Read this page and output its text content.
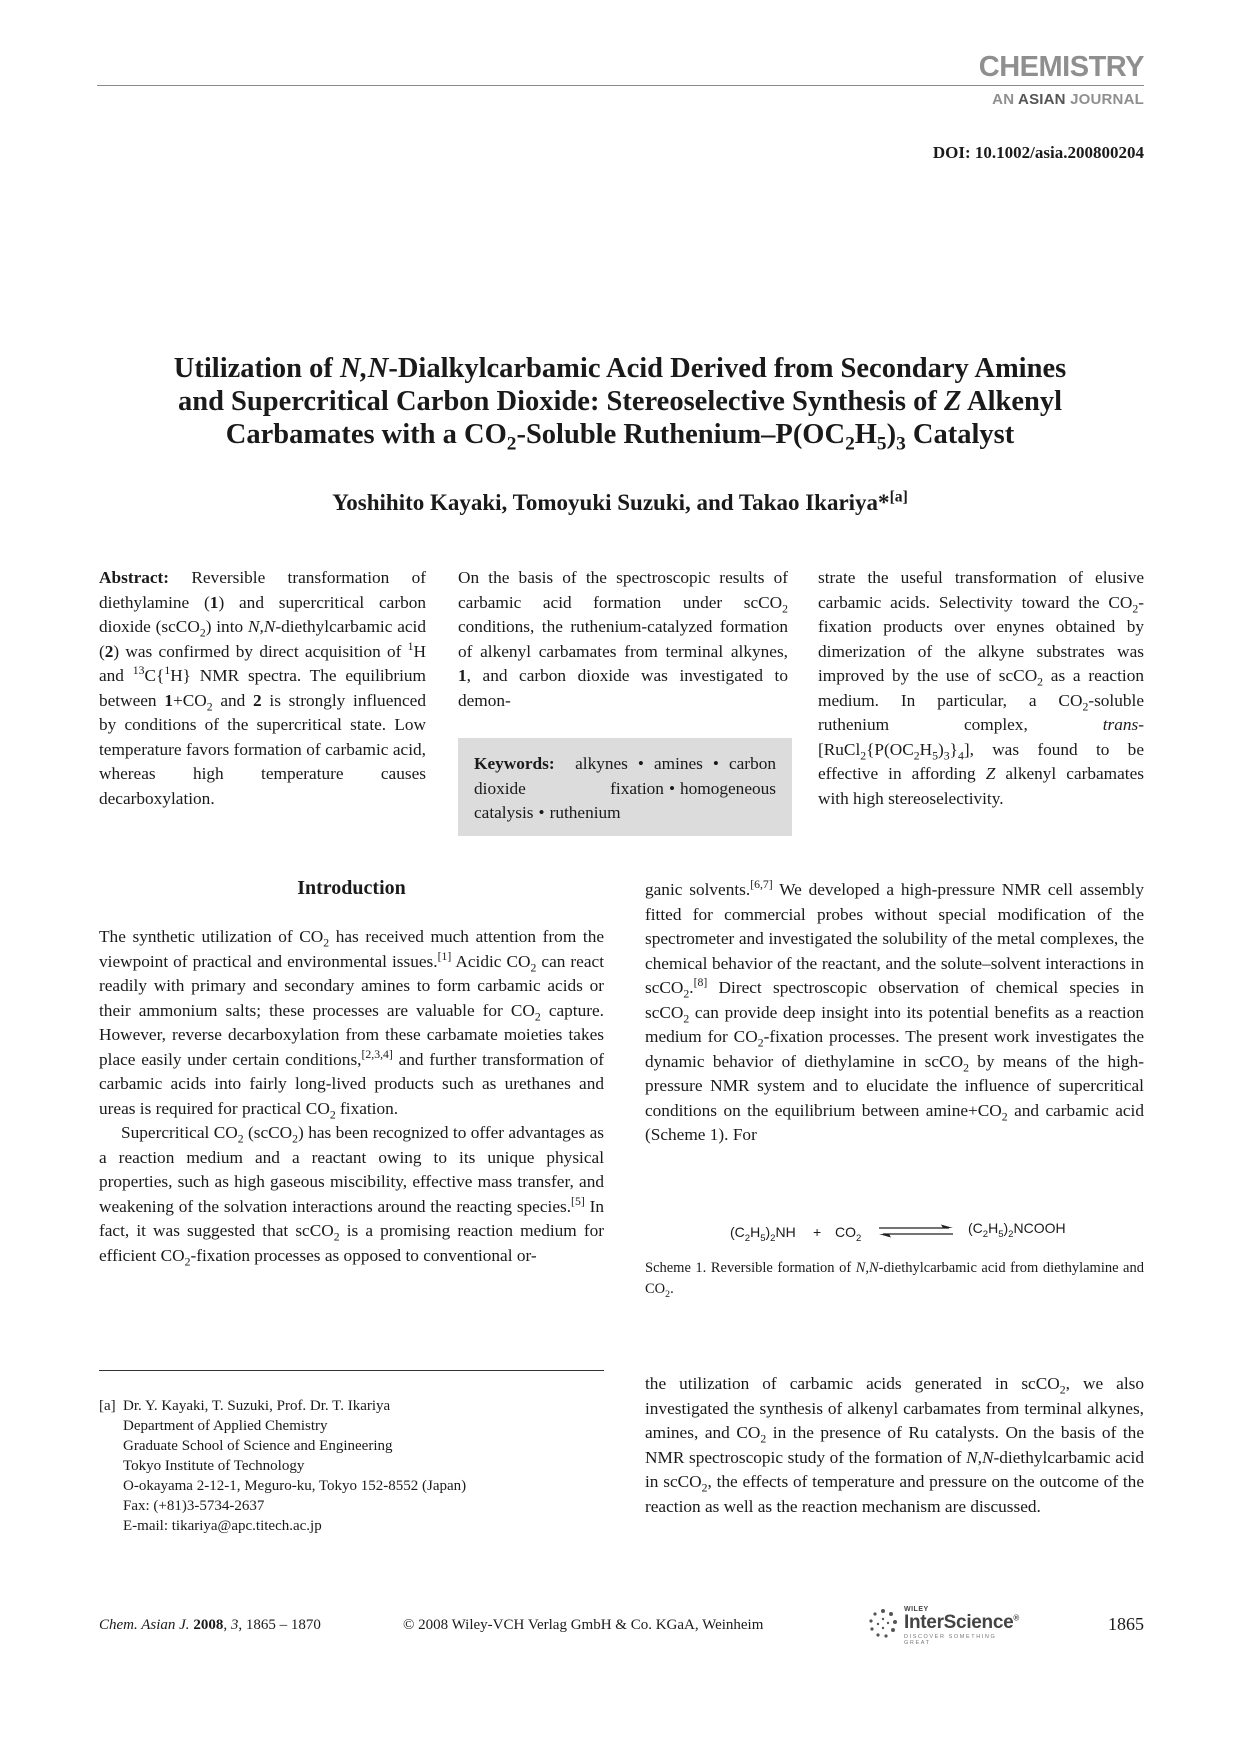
CHEMISTRY
AN ASIAN JOURNAL
DOI: 10.1002/asia.200800204
Utilization of N,N-Dialkylcarbamic Acid Derived from Secondary Amines
and Supercritical Carbon Dioxide: Stereoselective Synthesis of Z Alkenyl
Carbamates with a $CO_2$-Soluble Ruthenium–$P(OC_2H_5)_3$ Catalyst
Yoshihito Kayaki, Tomoyuki Suzuki, and Takao Ikariya*[a]
Abstract: Reversible transformation of diethylamine (1) and supercritical carbon dioxide (scCO$_2$) into N,N-diethylcarbamic acid (2) was confirmed by direct acquisition of $^1$H and $^{13}$C{$^1$H} NMR spectra. The equilibrium between $1+CO_2$ and 2 is strongly influenced by conditions of the supercritical state. Low temperature favors formation of carbamic acid, whereas high temperature causes decarboxylation.
On the basis of the spectroscopic results of carbamic acid formation under scCO$_2$ conditions, the ruthenium-catalyzed formation of alkenyl carbamates from terminal alkynes, 1, and carbon dioxide was investigated to demon-
Keywords: alkynes • amines • carbon dioxide fixation • homogeneous catalysis • ruthenium
strate the useful transformation of elusive carbamic acids. Selectivity toward the $CO_2$-fixation products over enynes obtained by dimerization of the alkyne substrates was improved by the use of scCO$_2$ as a reaction medium. In particular, a $CO_2$-soluble ruthenium complex, trans-$[RuCl_2\{P(OC_2H_5)_3\}_4]$, was found to be effective in affording Z alkenyl carbamates with high stereoselectivity.
Introduction

The synthetic utilization of $CO_2$ has received much attention from the viewpoint of practical and environmental issues.[1] Acidic $CO_2$ can react readily with primary and secondary amines to form carbamic acids or their ammonium salts; these processes are valuable for $CO_2$ capture. However, reverse decarboxylation from these carbamate moieties takes place easily under certain conditions,[2,3,4] and further transformation of carbamic acids into fairly long-lived products such as urethanes and ureas is required for practical $CO_2$ fixation.

Supercritical $CO_2$ (scCO$_2$) has been recognized to offer advantages as a reaction medium and a reactant owing to its unique physical properties, such as high gaseous miscibility, effective mass transfer, and weakening of the solvation interactions around the reacting species.[5] In fact, it was suggested that scCO$_2$ is a promising reaction medium for efficient $CO_2$-fixation processes as opposed to conventional or-

ganic solvents.[6,7] We developed a high-pressure NMR cell assembly fitted for commercial probes without special modification of the spectrometer and investigated the solubility of the metal complexes, the chemical behavior of the reactant, and the solute–solvent interactions in scCO$_2$.[8] Direct spectroscopic observation of chemical species in scCO$_2$ can provide deep insight into its potential benefits as a reaction medium for $CO_2$-fixation processes. The present work investigates the dynamic behavior of diethylamine in scCO$_2$ by means of the high-pressure NMR system and to elucidate the influence of supercritical conditions on the equilibrium between $amine+CO_2$ and carbamic acid (Scheme 1). For
$(C_2H_5)_2NH + CO_2$
$(C_2H_5)_2NCOOH$
Scheme 1. Reversible formation of N,N-diethylcarbamic acid from diethylamine and $CO_2$.
the utilization of carbamic acids generated in scCO$_2$, we also investigated the synthesis of alkenyl carbamates from terminal alkynes, amines, and $CO_2$ in the presence of Ru catalysts. On the basis of the NMR spectroscopic study of the formation of N,N-diethylcarbamic acid in scCO$_2$, the effects of temperature and pressure on the outcome of the reaction as well as the reaction mechanism are discussed.
[a] Dr. Y. Kayaki, T. Suzuki, Prof. Dr. T. Ikariya
Department of Applied Chemistry
Graduate School of Science and Engineering
Tokyo Institute of Technology
O-okayama 2-12-1, Meguro-ku, Tokyo 152-8552 (Japan)
Fax: (+81)3-5734-2637
E-mail: tikariya@apc.titech.ac.jp
Chem. Asian J. 2008, 3, 1865 – 1870	© 2008 Wiley-VCH Verlag GmbH & Co. KGaA, Weinheim
WILEY
InterScience®
DISCOVER SOMETHING GREAT
1865
